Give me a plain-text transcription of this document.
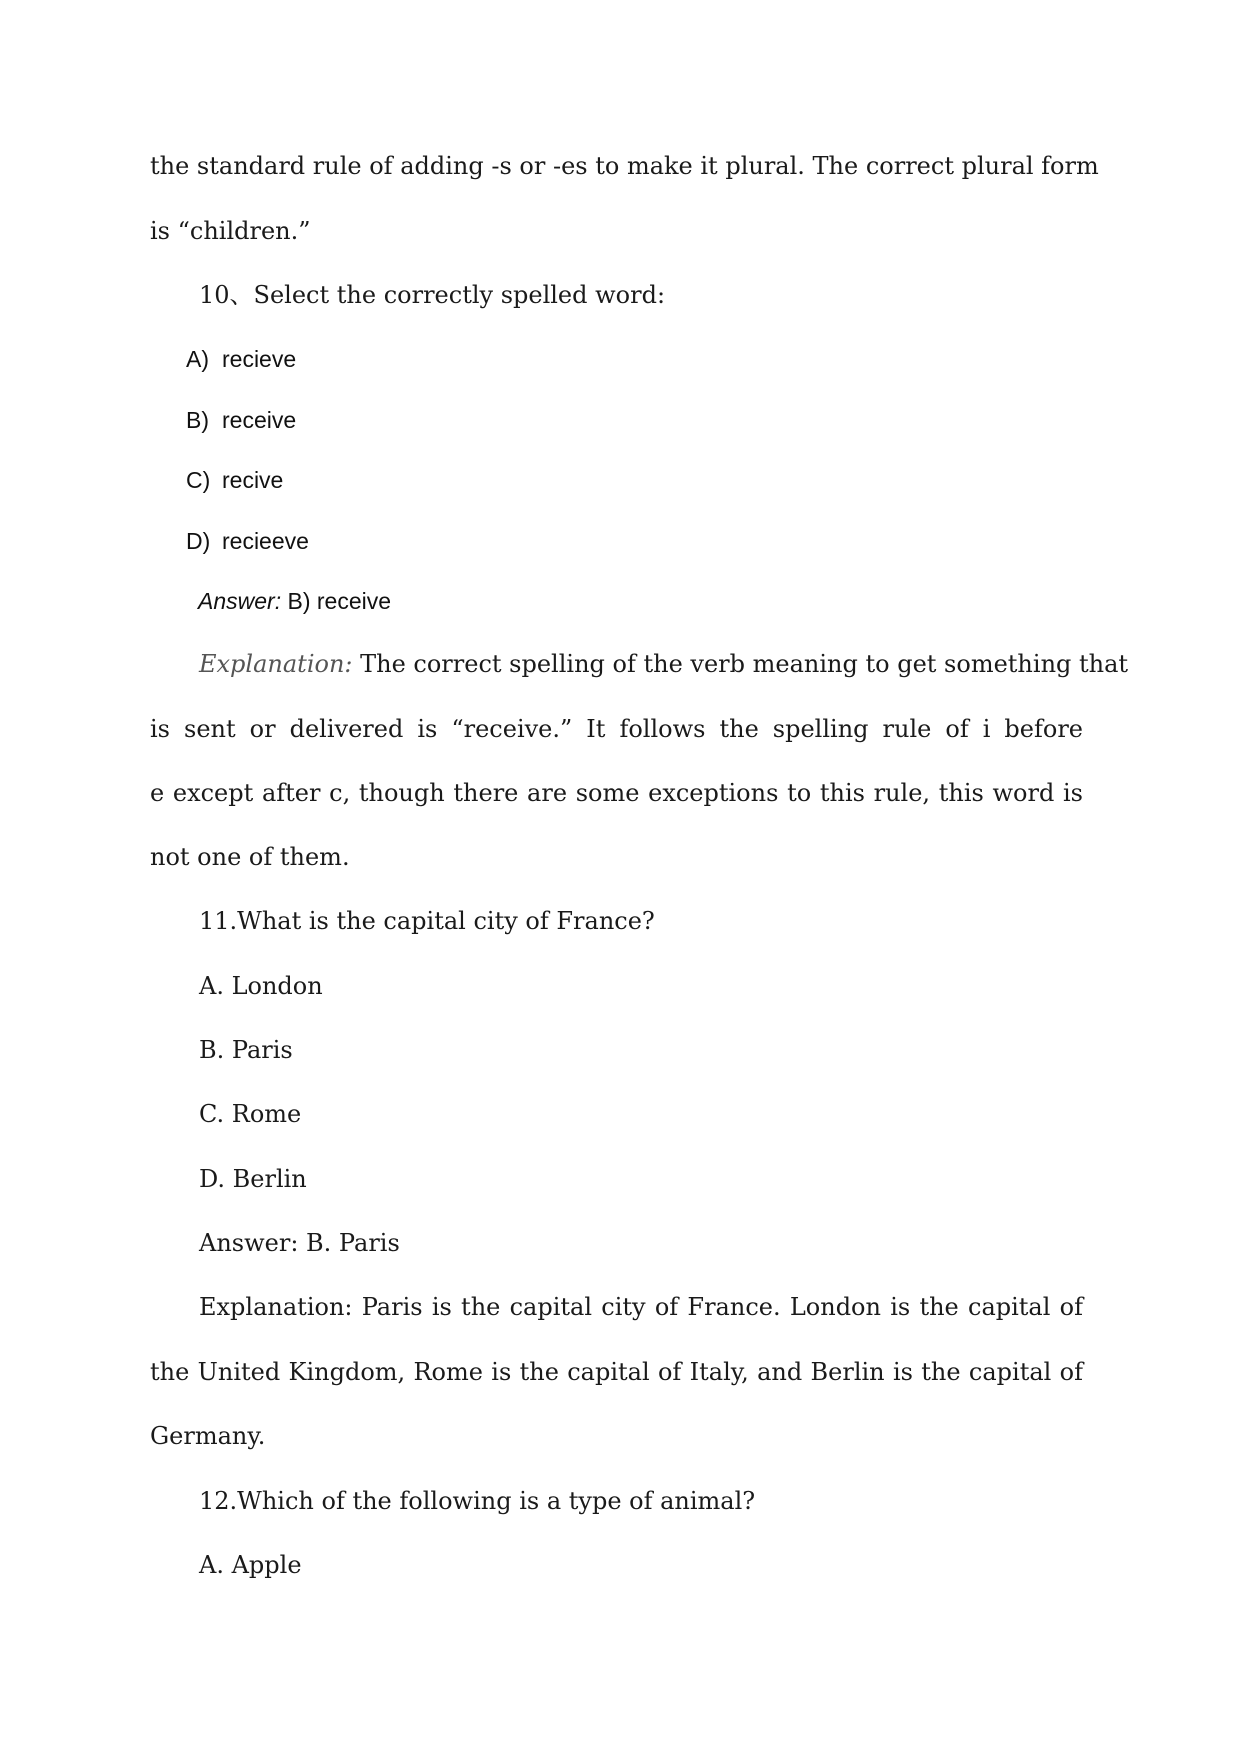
the standard rule of adding -s or -es to make it plural. The correct plural form
is “children.”
10、Select the correctly spelled word:
A) recieve
B) receive
C) recive
D) recieeve
Answer: B) receive
Explanation: The correct spelling of the verb meaning to get something that
is sent or delivered is “receive.” It follows the spelling rule of i before
e except after c, though there are some exceptions to this rule, this word is
not one of them.
11.What is the capital city of France?
A. London
B. Paris
C. Rome
D. Berlin
Answer: B. Paris
Explanation: Paris is the capital city of France. London is the capital of
the United Kingdom, Rome is the capital of Italy, and Berlin is the capital of
Germany.
12.Which of the following is a type of animal?
A. Apple
